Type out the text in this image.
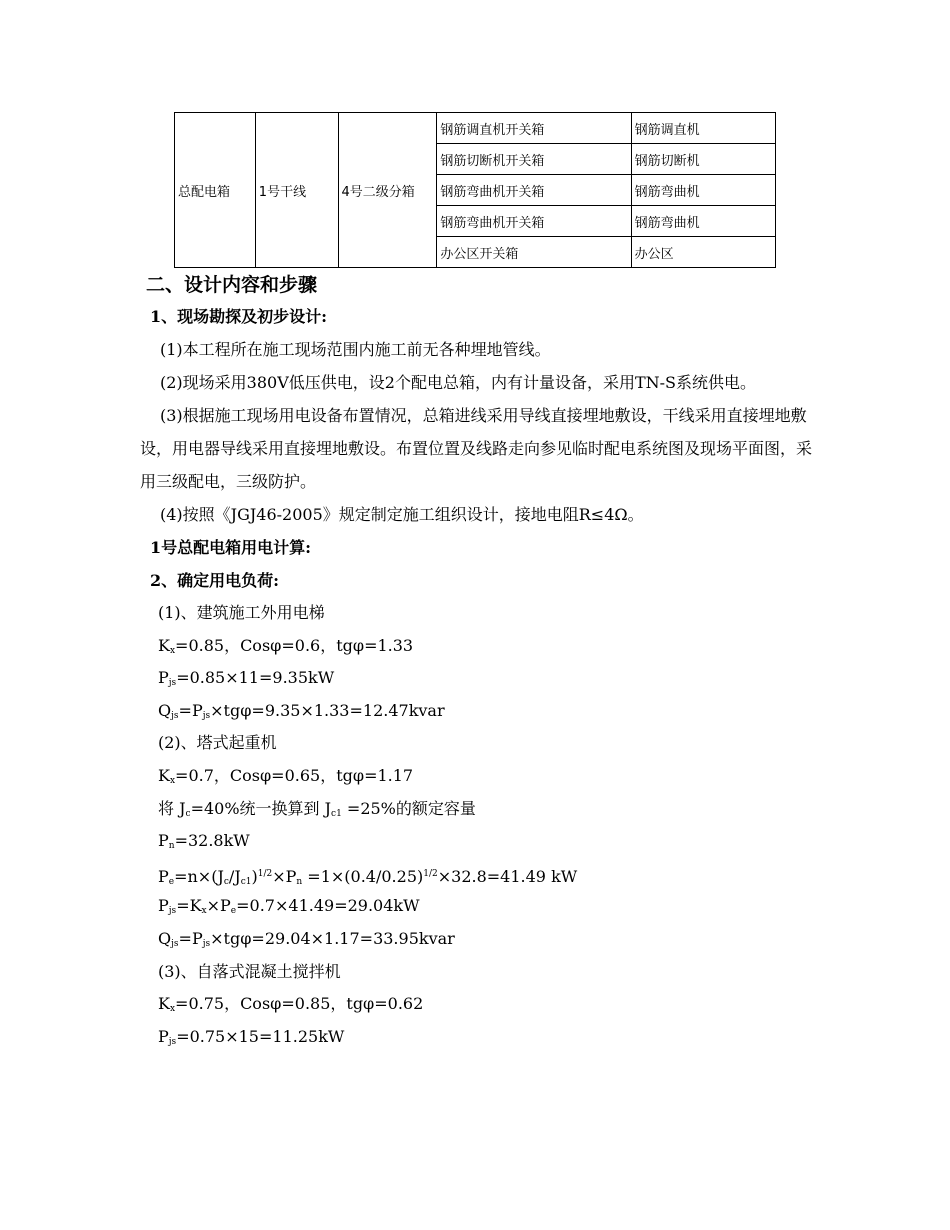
总配电箱	1号干线	4号二级分箱	钢筋调直机开关箱	钢筋调直机
			钢筋切断机开关箱	钢筋切断机
			钢筋弯曲机开关箱	钢筋弯曲机
			钢筋弯曲机开关箱	钢筋弯曲机
			办公区开关箱	办公区
二、设计内容和步骤
1、现场勘探及初步设计:
(1)本工程所在施工现场范围内施工前无各种埋地管线。
(2)现场采用380V低压供电，设2个配电总箱，内有计量设备，采用TN-S系统供电。
(3)根据施工现场用电设备布置情况，总箱进线采用导线直接埋地敷设，干线采用直接埋地敷设，用电器导线采用直接埋地敷设。布置位置及线路走向参见临时配电系统图及现场平面图，采用三级配电，三级防护。
(4)按照《JGJ46-2005》规定制定施工组织设计，接地电阻R≤4Ω。
1号总配电箱用电计算:
2、确定用电负荷:
(1)、建筑施工外用电梯
$K_x=0.85$，Cosφ=0.6，tgφ=1.33
$P_{js}=0.85\times 11=9.35kW$
$Q_{js}=P_{js}\times tg\varphi=9.35\times 1.33=12.47kvar$
(2)、塔式起重机
$K_x=0.7$，Cosφ=0.65，tgφ=1.17
将 $J_c=40\%$统一换算到 $J_{c1} =25\%$的额定容量
$P_n=32.8kW$
$P_e=n\times(J_c/J_{c1})^{1/2}\times P_n =1\times(0.4/0.25)^{1/2}\times 32.8=41.49$ kW
$P_{js}=K_x\times P_e=0.7\times 41.49=29.04kW$
$Q_{js}=P_{js}\times tg\varphi=29.04\times 1.17=33.95kvar$
(3)、自落式混凝土搅拌机
$K_x=0.75$，Cosφ=0.85，tgφ=0.62
$P_{js}=0.75\times 15=11.25kW$
